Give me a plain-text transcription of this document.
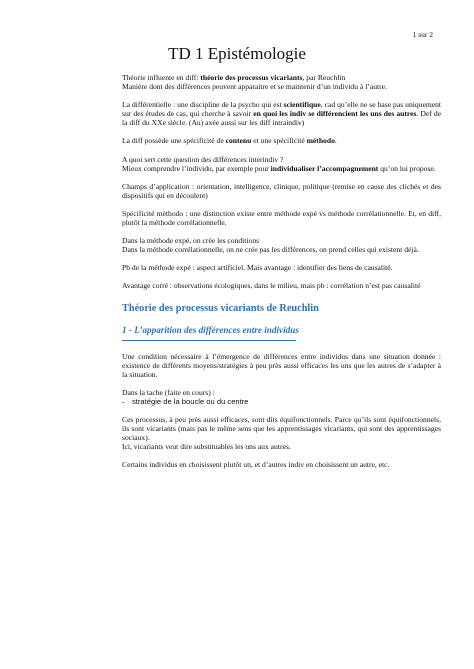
1 sur 2
TD 1 Epistémologie

Théorie influente en diff: théorie des processus vicariants, par Reuchlin
Manière dont des différences peuvent apparaitre et se maintenir d’un individu à l’autre.

La différentielle : une discipline de la psycho qui est scientifique, cad qu’elle ne se base pas uniquement sur des études de cas, qui cherche à savoir en quoi les indiv se différencient les uns des autres. Def de la diff du XXe siècle. (Au) axée aussi sur les diff intraindiv)

La diff possède une spécificité de contenu et une spécificité méthodo.

A quoi sert cette question des différences interindiv ?
Mieux comprendre l’individu, par exemple pour individualiser l’accompagnement qu’on lui propose.

Champs d’application : orientation, intelligence, clinique, politique (remise en cause des clichés et des dispositifs qui en découlent)

Spécificité méthodo : une distinction existe entre méthode expé vs méthode corrélationnelle. Et, en diff, plutôt la méthode corrélationnelle.

Dans la méthode expé, on crée les conditions
Dans la méthode corrélationnelle, on ne crée pas les différences, on prend celles qui existent déjà.

Pb de la méthode expé : aspect artificiel. Mais avantage : identifier des liens de causalité.

Avantage corré : observations écologiques, dans le milieu, mais pb : corrélation n’est pas causalité

Théorie des processus vicariants de Reuchlin
1 - L’apparition des différences entre individus

Une condition nécessaire à l’émergence de différences entre individus dans une situation donnée : existence de différents moyens/stratégies à peu près aussi efficaces les uns que les autres de s’adapter à la situation.

Dans la tache (faite en cours) :

- stratégie de la boucle ou du centre

Ces processus, à peu près aussi efficaces, sont dits équifonctionnels. Parce qu’ils sont équifonctionnels, ils sont vicariants (mais pas le même sens que les apprentissages vicariants, qui sont des apprentissages sociaux).
Ici, vicariants veut dire substituables les uns aux autres.

Certains individus en choisissent plutôt un, et d’autres indiv en choisissent un autre, etc.
